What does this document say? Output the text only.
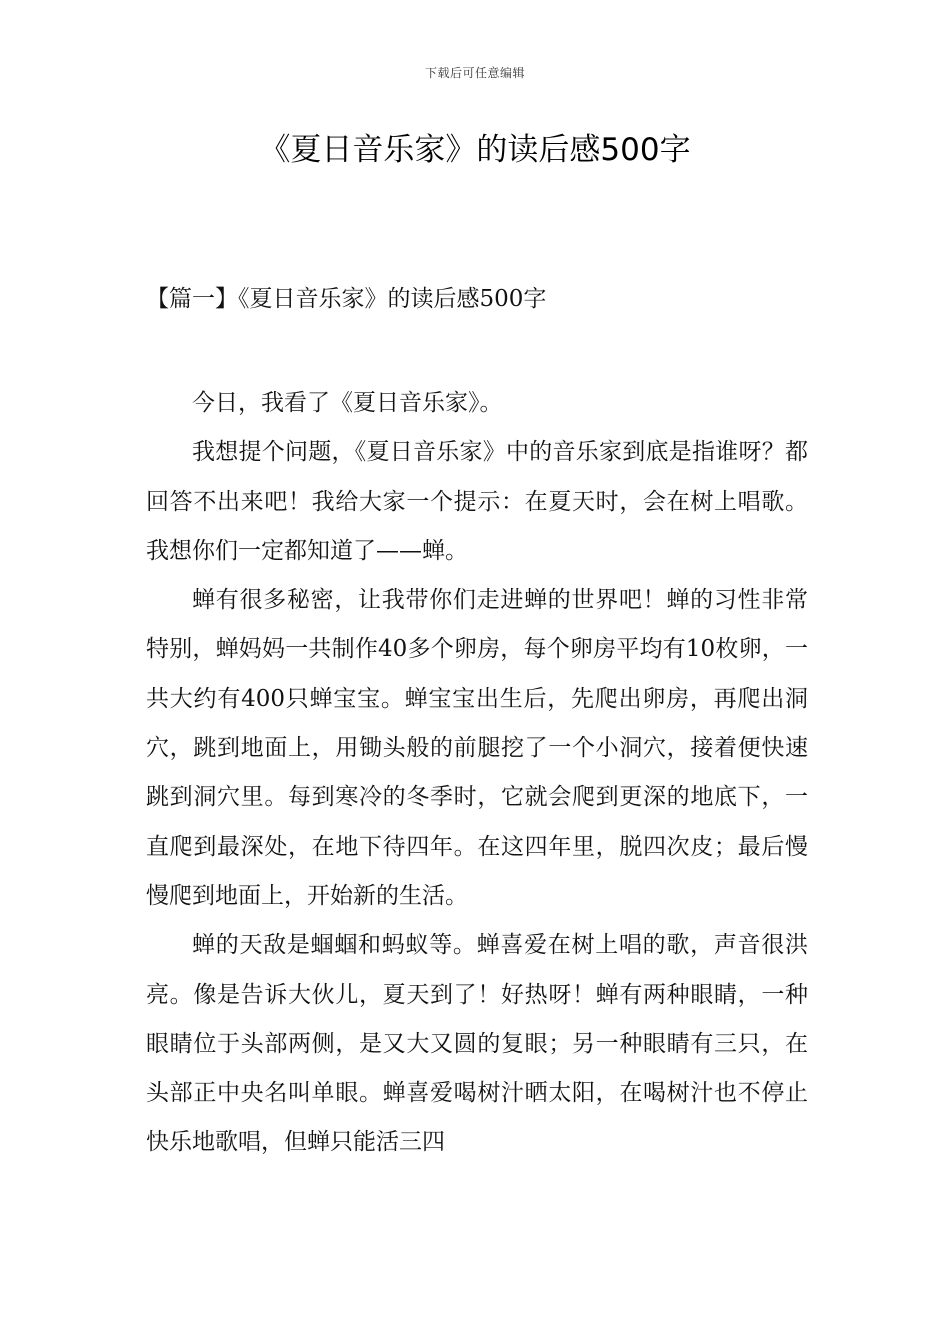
下载后可任意编辑
《夏日音乐家》的读后感500字
【篇一】《夏日音乐家》的读后感500字

今日，我看了《夏日音乐家》。

我想提个问题，《夏日音乐家》中的音乐家到底是指谁呀？都回答不出来吧！我给大家一个提示：在夏天时，会在树上唱歌。我想你们一定都知道了——蝉。

蝉有很多秘密，让我带你们走进蝉的世界吧！蝉的习性非常特别，蝉妈妈一共制作40多个卵房，每个卵房平均有10枚卵，一共大约有400只蝉宝宝。蝉宝宝出生后，先爬出卵房，再爬出洞穴，跳到地面上，用锄头般的前腿挖了一个小洞穴，接着便快速跳到洞穴里。每到寒冷的冬季时，它就会爬到更深的地底下，一直爬到最深处，在地下待四年。在这四年里，脱四次皮；最后慢慢爬到地面上，开始新的生活。

蝉的天敌是蝈蝈和蚂蚁等。蝉喜爱在树上唱的歌，声音很洪亮。像是告诉大伙儿，夏天到了！好热呀！蝉有两种眼睛，一种眼睛位于头部两侧，是又大又圆的复眼；另一种眼睛有三只，在头部正中央名叫单眼。蝉喜爱喝树汁晒太阳，在喝树汁也不停止快乐地歌唱，但蝉只能活三四
